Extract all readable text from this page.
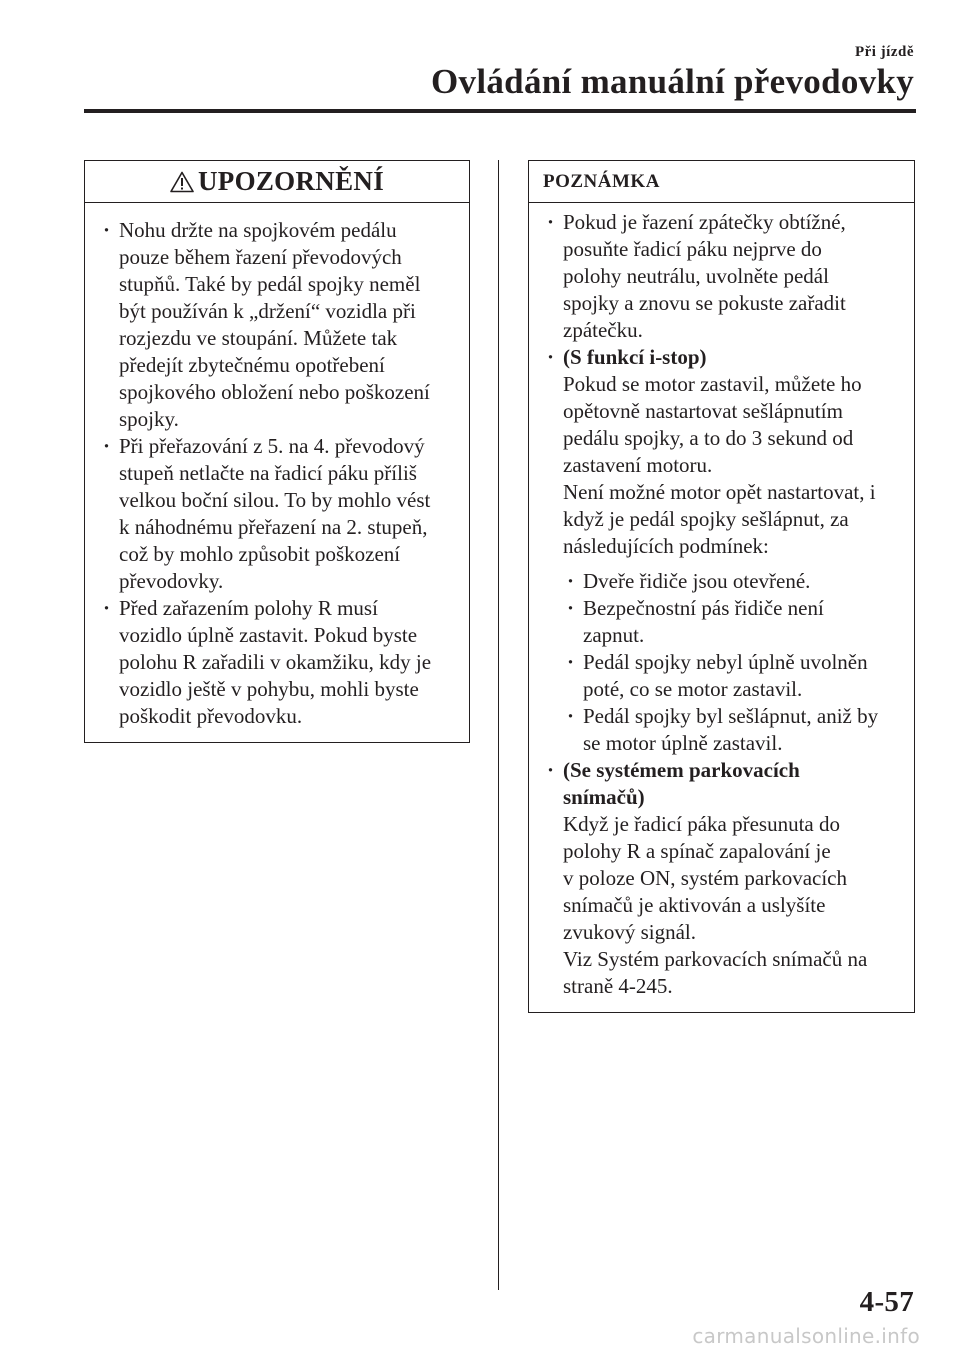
Při jízdě
Ovládání manuální převodovky
UPOZORNĚNÍ
· Nohu držte na spojkovém pedálu

pouze během řazení převodových

stupňů. Také by pedál spojky neměl

být používán k „držení“ vozidla při

rozjezdu ve stoupání. Můžete tak

předejít zbytečnému opotřebení

spojkového obložení nebo poškození

spojky.

· Při přeřazování z 5. na 4. převodový

stupeň netlačte na řadicí páku příliš

velkou boční silou. To by mohlo vést

k náhodnému přeřazení na 2. stupeň,

což by mohlo způsobit poškození

převodovky.

· Před zařazením polohy R musí

vozidlo úplně zastavit. Pokud byste

polohu R zařadili v okamžiku, kdy je

vozidlo ještě v pohybu, mohli byste

poškodit převodovku.

POZNÁMKA
· Pokud je řazení zpátečky obtížné,

posuňte řadicí páku nejprve do

polohy neutrálu, uvolněte pedál

spojky a znovu se pokuste zařadit

zpátečku.

· (S funkcí i-stop)

Pokud se motor zastavil, můžete ho

opětovně nastartovat sešlápnutím

pedálu spojky, a to do 3 sekund od

zastavení motoru.

Není možné motor opět nastartovat, i

když je pedál spojky sešlápnut, za

následujících podmínek:

· Dveře řidiče jsou otevřené.

· Bezpečnostní pás řidiče není

zapnut.

· Pedál spojky nebyl úplně uvolněn

poté, co se motor zastavil.

· Pedál spojky byl sešlápnut, aniž by

se motor úplně zastavil.

· (Se systémem parkovacích

snímačů)

Když je řadicí páka přesunuta do

polohy R a spínač zapalování je

v poloze ON, systém parkovacích

snímačů je aktivován a uslyšíte

zvukový signál.

Viz Systém parkovacích snímačů na

straně 4-245.

4-57
carmanualsonline.info
